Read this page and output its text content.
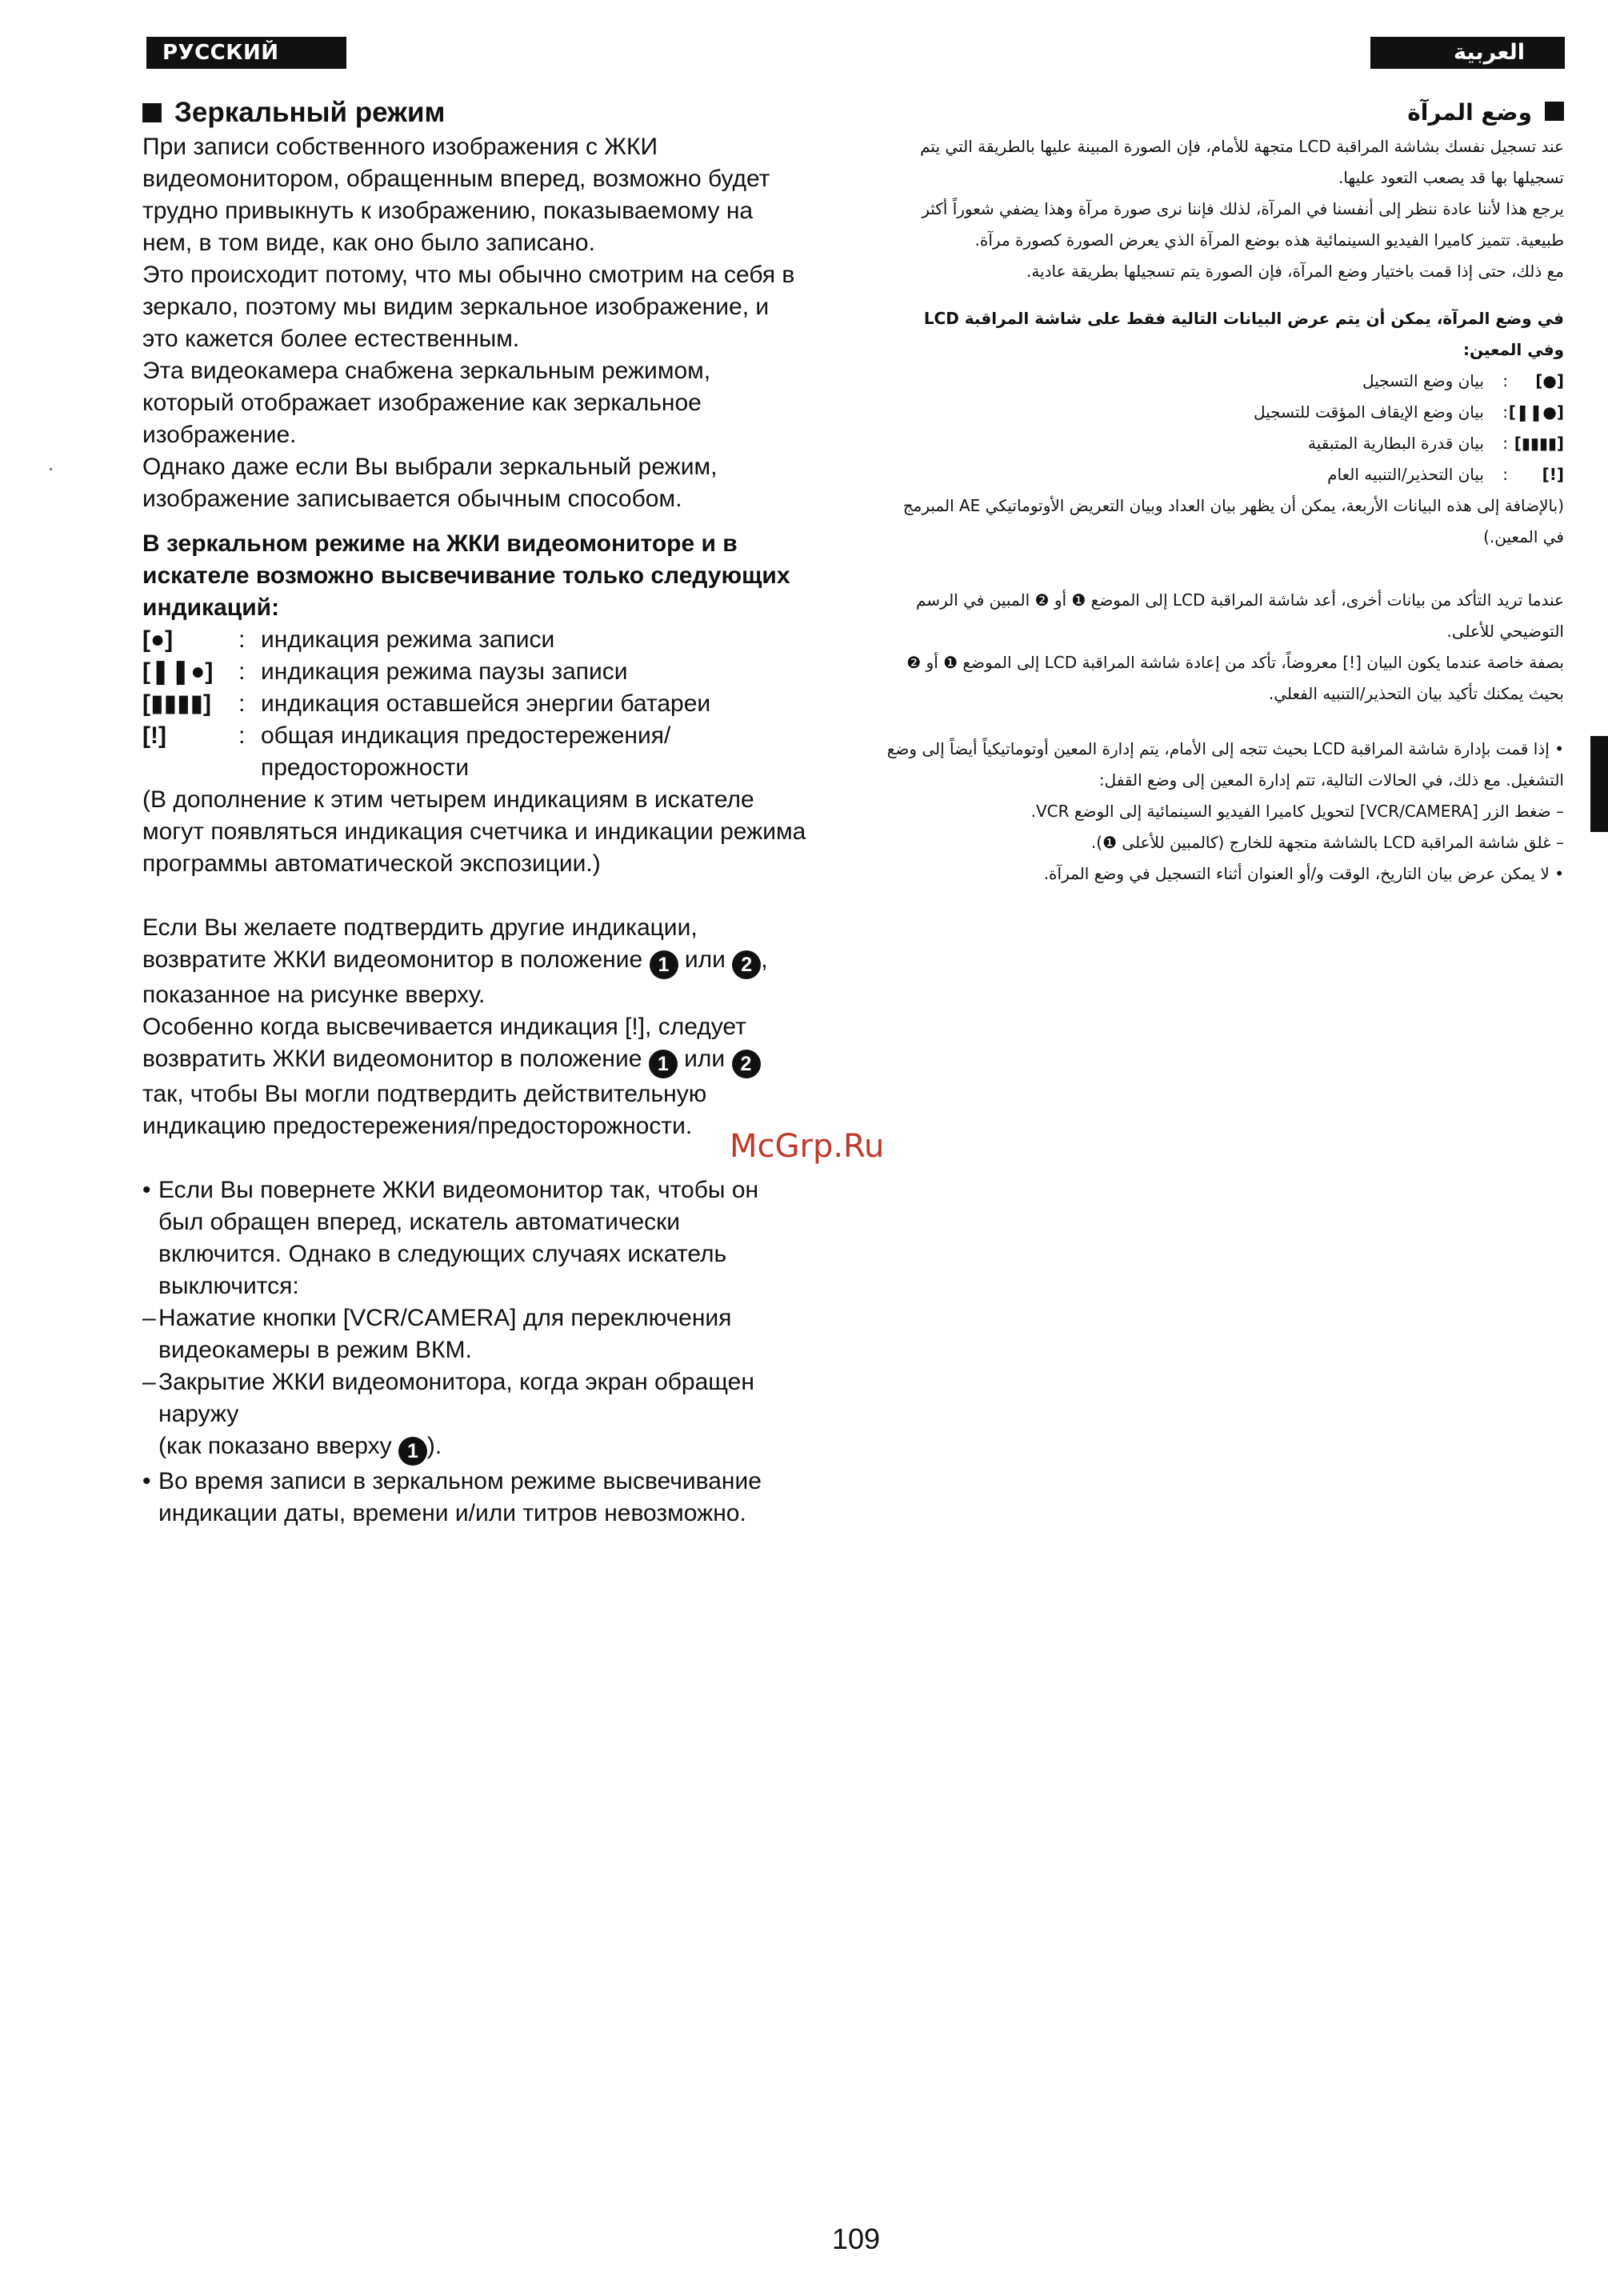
РУССКИЙ ЯЗЫК
العربية

Зеркальный режим

При записи собственного изображения с ЖКИ видеомонитором, обращенным вперед, возможно будет трудно привыкнуть к изображению, показываемому на нем, в том виде, как оно было записано.

Это происходит потому, что мы обычно смотрим на себя в зеркало, поэтому мы видим зеркальное изображение, и это кажется более естественным.

Эта видеокамера снабжена зеркальным режимом, который отображает изображение как зеркальное изображение.

Однако даже если Вы выбрали зеркальный режим, изображение записывается обычным способом.

В зеркальном режиме на ЖКИ видеомониторе и в искателе возможно высвечивание только следующих индикаций:

[●]	: индикация режима записи
[❚❚●]	: индикация режима паузы записи
[▮▮▮▮]	: индикация оставшейся энергии батареи
[!]	: общая индикация предостережения/
предосторожности

(В дополнение к этим четырем индикациям в искателе могут появляться индикация счетчика и индикации режима программы автоматической экспозиции.)

Если Вы желаете подтвердить другие индикации, возвратите ЖКИ видеомонитор в положение 1 или 2 , показанное на рисунке вверху.

Особенно когда высвечивается индикация [!], следует возвратить ЖКИ видеомонитор в положение 1 или 2 так, чтобы Вы могли подтвердить действительную индикацию предостережения/предосторожности.

• Если Вы повернете ЖКИ видеомонитор так, чтобы он был обращен вперед, искатель автоматически включится. Однако в следующих случаях искатель выключится:
– Нажатие кнопки [VCR/CAMERA] для переключения видеокамеры в режим ВКМ.
– Закрытие ЖКИ видеомонитора, когда экран обращен наружу
(как показано вверху 1 ).
• Во время записи в зеркальном режиме высвечивание индикации даты, времени и/или титров невозможно.

وضع المرآة

عند تسجيل نفسك بشاشة المراقبة LCD متجهة للأمام، فإن الصورة المبينة عليها بالطريقة التي يتم تسجيلها بها قد يصعب التعود عليها.

يرجع هذا لأننا عادة ننظر إلى أنفسنا في المرآة، لذلك فإننا نرى صورة مرآة وهذا يضفي شعوراً أكثر طبيعية. تتميز كاميرا الفيديو السينمائية هذه بوضع المرآة الذي يعرض الصورة كصورة مرآة.

مع ذلك، حتى إذا قمت باختيار وضع المرآة، فإن الصورة يتم تسجيلها بطريقة عادية.

في وضع المرآة، يمكن أن يتم عرض البيانات التالية فقط على شاشة المراقبة LCD وفي المعين:

[●]
:
بيان وضع التسجيل
[❚❚●]
:
بيان وضع الإيقاف المؤقت للتسجيل
[▮▮▮▮]
:
بيان قدرة البطارية المتبقية
[!]
:
بيان التحذير/التنبيه العام

(بالإضافة إلى هذه البيانات الأربعة، يمكن أن يظهر بيان العداد وبيان التعريض الأوتوماتيكي AE المبرمج في المعين.)

عندما تريد التأكد من بيانات أخرى، أعد شاشة المراقبة LCD إلى الموضع ❶ أو ❷ المبين في الرسم التوضيحي للأعلى.

بصفة خاصة عندما يكون البيان [!] معروضاً، تأكد من إعادة شاشة المراقبة LCD إلى الموضع ❶ أو ❷ بحيث يمكنك تأكيد بيان التحذير/التنبيه الفعلي.

• إذا قمت بإدارة شاشة المراقبة LCD بحيث تتجه إلى الأمام، يتم إدارة المعين أوتوماتيكياً أيضاً إلى وضع التشغيل. مع ذلك، في الحالات التالية، تتم إدارة المعين إلى وضع القفل:

– ضغط الزر [VCR/CAMERA] لتحويل كاميرا الفيديو السينمائية إلى الوضع VCR.

– غلق شاشة المراقبة LCD بالشاشة متجهة للخارج (كالمبين للأعلى ❶).

• لا يمكن عرض بيان التاريخ، الوقت و/أو العنوان أثناء التسجيل في وضع المرآة.

McGrp.Ru
109
